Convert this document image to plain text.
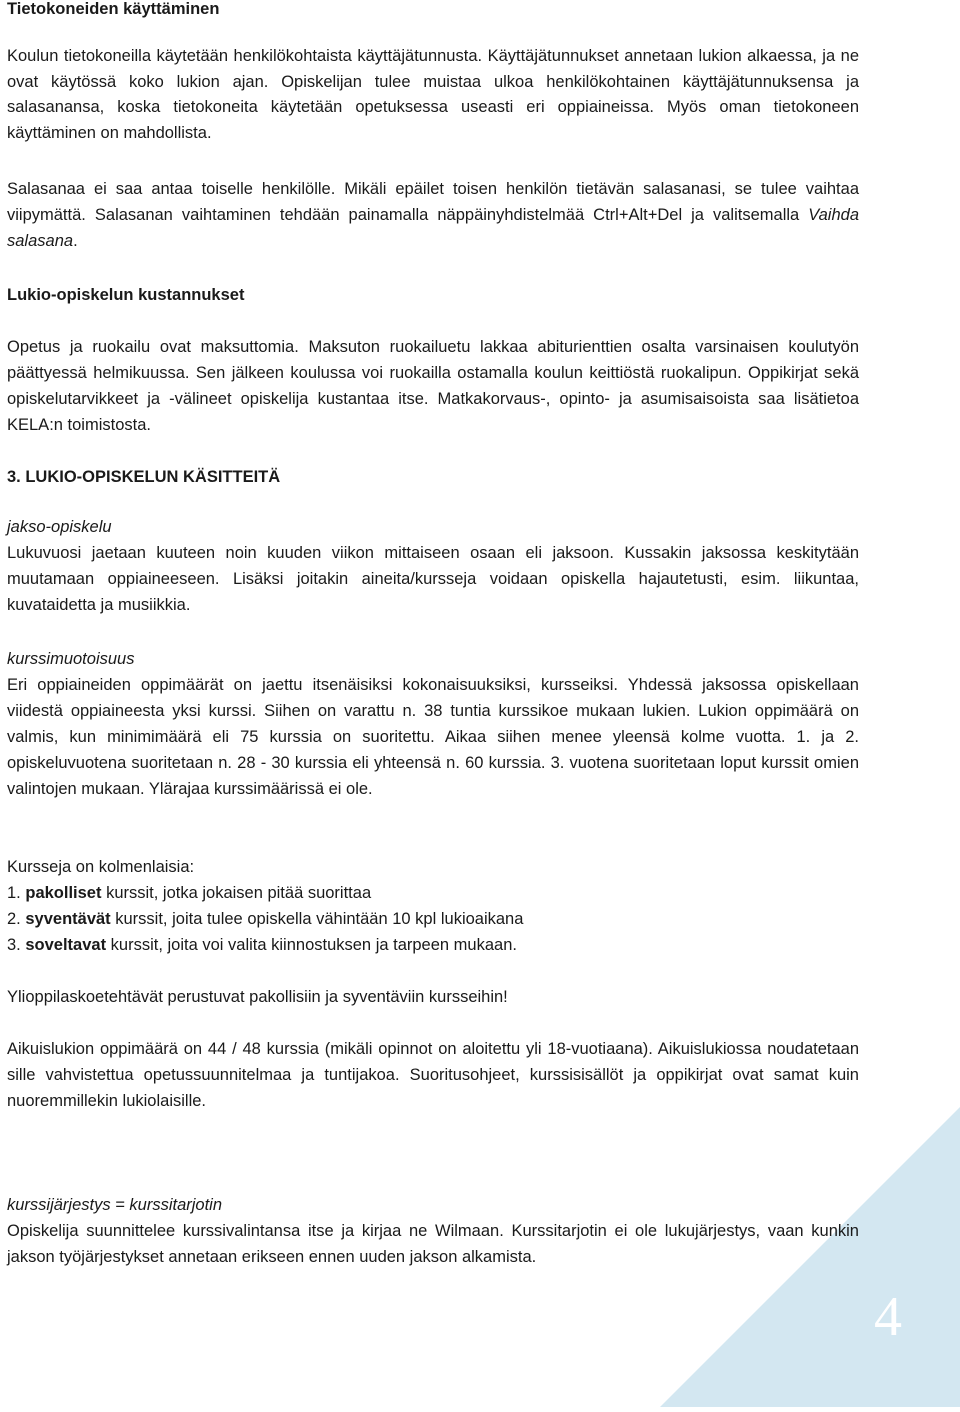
Tietokoneiden käyttäminen

Koulun tietokoneilla käytetään henkilökohtaista käyttäjätunnusta. Käyttäjätunnukset annetaan lukion alkaessa, ja ne ovat käytössä koko lukion ajan. Opiskelijan tulee muistaa ulkoa henkilökohtainen käyttäjätunnuksensa ja salasanansa, koska tietokoneita käytetään opetuksessa useasti eri oppiaineissa. Myös oman tietokoneen käyttäminen on mahdollista.

Salasanaa ei saa antaa toiselle henkilölle. Mikäli epäilet toisen henkilön tietävän salasanasi, se tulee vaihtaa viipymättä. Salasanan vaihtaminen tehdään painamalla näppäinyhdistelmää Ctrl+Alt+Del ja valitsemalla Vaihda salasana.

Lukio-opiskelun kustannukset

Opetus ja ruokailu ovat maksuttomia. Maksuton ruokailuetu lakkaa abiturienttien osalta varsinaisen koulutyön päättyessä helmikuussa. Sen jälkeen koulussa voi ruokailla ostamalla koulun keittiöstä ruokalipun. Oppikirjat sekä opiskelutarvikkeet ja -välineet opiskelija kustantaa itse. Matkakorvaus-, opinto- ja asumisaisoista saa lisätietoa KELA:n toimistosta.

3. LUKIO-OPISKELUN KÄSITTEITÄ

jakso-opiskelu

Lukuvuosi jaetaan kuuteen noin kuuden viikon mittaiseen osaan eli jaksoon. Kussakin jaksossa keskitytään muutamaan oppiaineeseen. Lisäksi joitakin aineita/kursseja voidaan opiskella hajautetusti, esim. liikuntaa, kuvataidetta ja musiikkia.

kurssimuotoisuus

Eri oppiaineiden oppimäärät on jaettu itsenäisiksi kokonaisuuksiksi, kursseiksi. Yhdessä jaksossa opiskellaan viidestä oppiaineesta yksi kurssi. Siihen on varattu n. 38 tuntia kurssikoe mukaan lukien. Lukion oppimäärä on valmis, kun minimimäärä eli 75 kurssia on suoritettu. Aikaa siihen menee yleensä kolme vuotta. 1. ja 2. opiskeluvuotena suoritetaan n. 28 - 30 kurssia eli yhteensä n. 60 kurssia. 3. vuotena suoritetaan loput kurssit omien valintojen mukaan. Ylärajaa kurssimäärissä ei ole.

Kursseja on kolmenlaisia:

1. pakolliset kurssit, jotka jokaisen pitää suorittaa

2. syventävät kurssit, joita tulee opiskella vähintään 10 kpl lukioaikana

3. soveltavat kurssit, joita voi valita kiinnostuksen ja tarpeen mukaan.

Ylioppilaskoetehtävät perustuvat pakollisiin ja syventäviin kursseihin!

Aikuislukion oppimäärä on 44 / 48 kurssia (mikäli opinnot on aloitettu yli 18-vuotiaana). Aikuislukiossa noudatetaan sille vahvistettua opetussuunnitelmaa ja tuntijakoa. Suoritusohjeet, kurssisisällöt ja oppikirjat ovat samat kuin nuoremmillekin lukiolaisille.

4

kurssijärjestys = kurssitarjotin

Opiskelija suunnittelee kurssivalintansa itse ja kirjaa ne Wilmaan. Kurssitarjotin ei ole lukujärjestys, vaan kunkin jakson työjärjestykset annetaan erikseen ennen uuden jakson alkamista.
